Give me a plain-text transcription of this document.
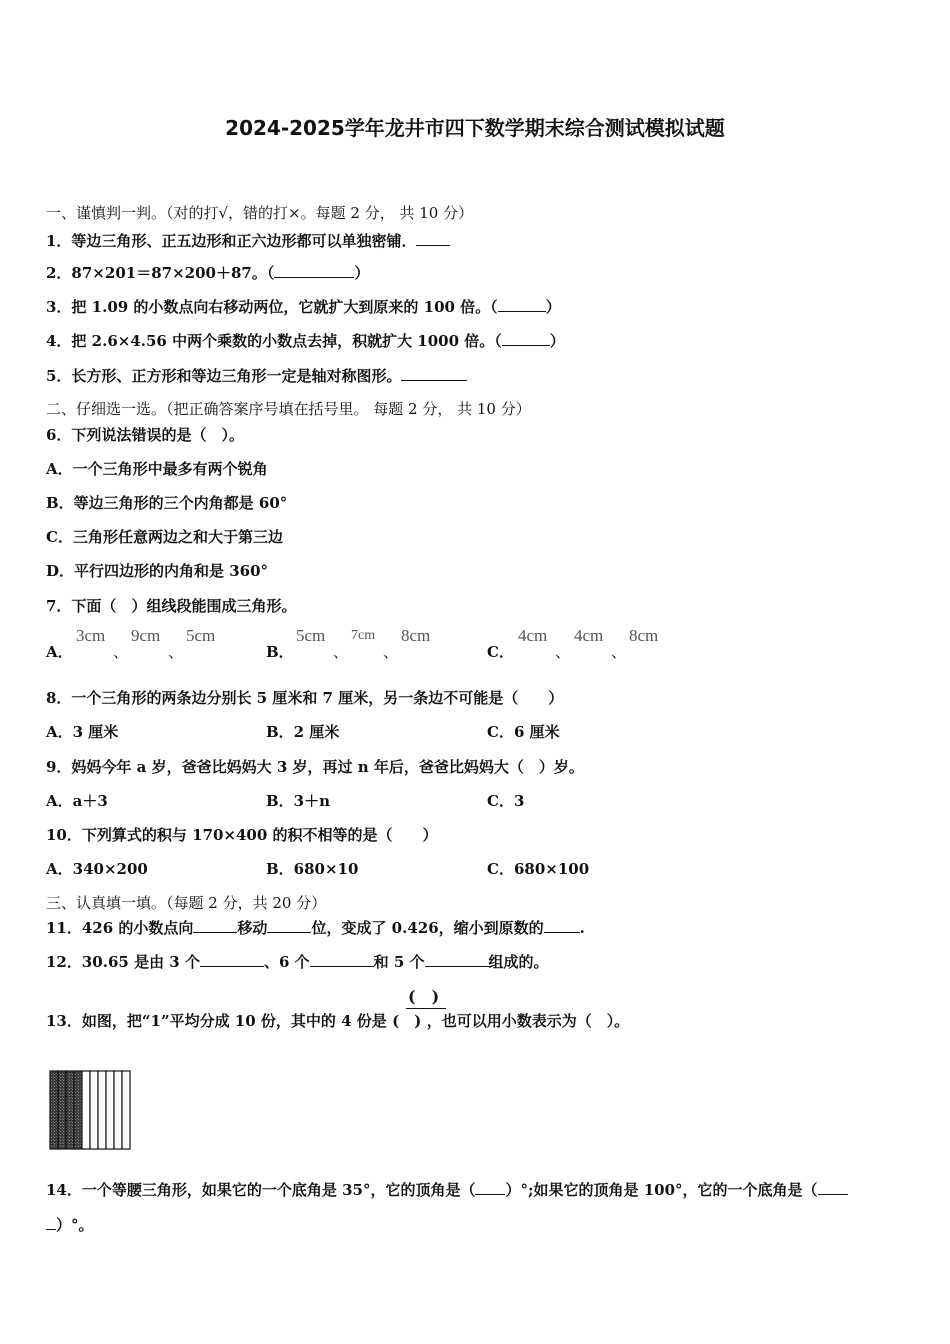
2024-2025学年龙井市四下数学期末综合测试模拟试题
一、谨慎判一判。（对的打√，错的打×。每题 2 分， 共 10 分）
1．等边三角形、正五边形和正六边形都可以单独密铺．
2．87×201＝87×200＋87。（	）
3．把 1.09 的小数点向右移动两位，它就扩大到原来的 100 倍。（	）
4．把 2.6×4.56 中两个乘数的小数点去掉，积就扩大 1000 倍。（	）
5．长方形、正方形和等边三角形一定是轴对称图形。
二、仔细选一选。（把正确答案序号填在括号里。 每题 2 分， 共 10 分）
6．下列说法错误的是（　）。
A．一个三角形中最多有两个锐角
B．等边三角形的三个内角都是 60°
C．三角形任意两边之和大于第三边
D．平行四边形的内角和是 360°
7．下面（　）组线段能围成三角形。
A．
3cm
、
9cm
、
5cm
B．
5cm
、
7cm
、
8cm
C．
4cm
、
4cm
、
8cm
8．一个三角形的两条边分别长 5 厘米和 7 厘米，另一条边不可能是（　　）
A．3 厘米	B．2 厘米	C．6 厘米
9．妈妈今年 a 岁，爸爸比妈妈大 3 岁，再过 n 年后，爸爸比妈妈大（　）岁。
A．a＋3	B．3＋n	C．3
10．下列算式的积与 170×400 的积不相等的是（　　）
A．340×200	B．680×10	C．680×100
三、认真填一填。（每题 2 分，共 20 分）
11．426 的小数点向	移动	位，变成了 0.426，缩小到原数的 .
12．30.65 是由 3 个	、6 个	和 5 个	组成的。
(　)
13．如图，把“1”平均分成 10 份，其中的 4 份是 (　) ，也可以用小数表示为（　）。
14．一个等腰三角形，如果它的一个底角是 35°，它的顶角是（ ）°;如果它的顶角是 100°，它的一个底角是（
）°。
